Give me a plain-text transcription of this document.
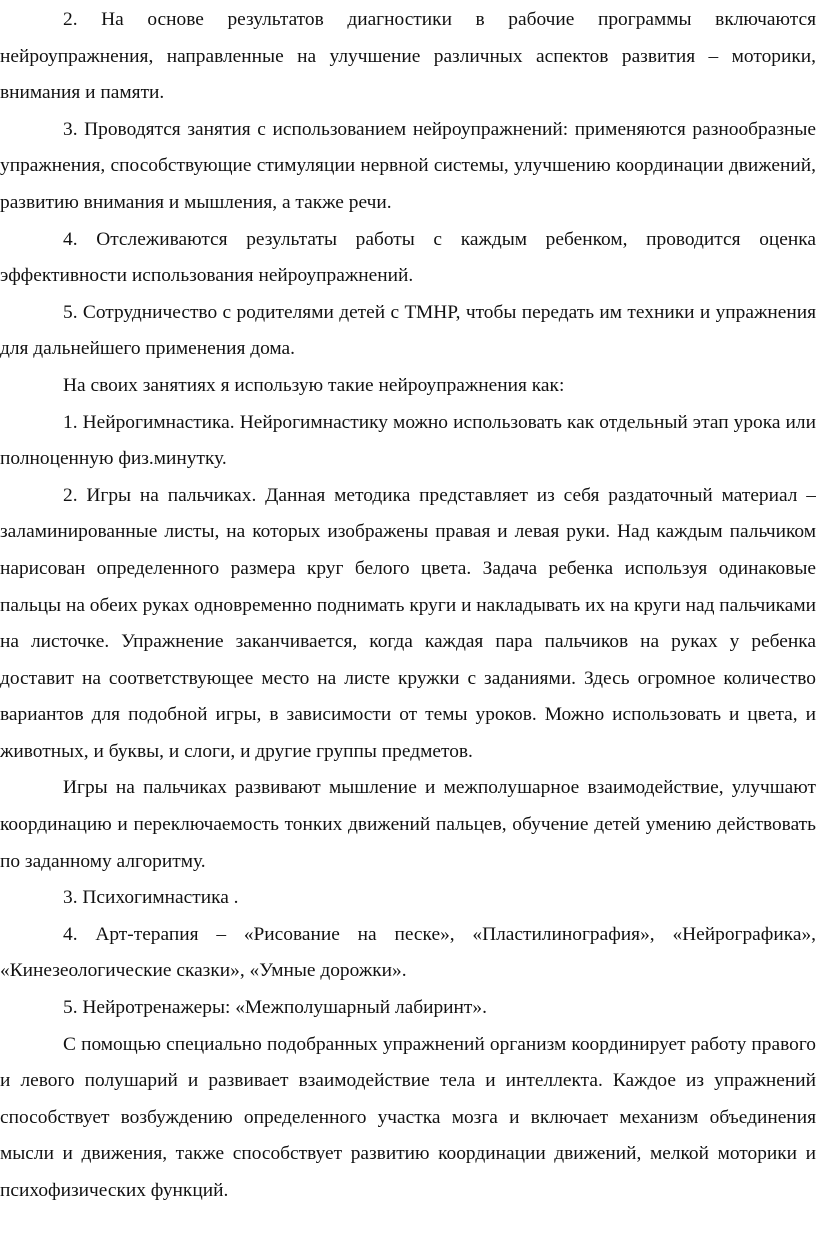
2. На основе результатов диагностики в рабочие программы включаются нейроупражнения, направленные на улучшение различных аспектов развития – моторики, внимания и памяти.

3. Проводятся занятия с использованием нейроупражнений: применяются разнообразные упражнения, способствующие стимуляции нервной системы, улучшению координации движений, развитию внимания и мышления, а также речи.

4. Отслеживаются результаты работы с каждым ребенком, проводится оценка эффективности использования нейроупражнений.

5. Сотрудничество с родителями детей с ТМНР, чтобы передать им техники и упражнения для дальнейшего применения дома.

На своих занятиях я использую такие нейроупражнения как:

1. Нейрогимнастика. Нейрогимнастику можно использовать как отдельный этап урока или полноценную физ.минутку.

2. Игры на пальчиках. Данная методика представляет из себя раздаточный материал – заламинированные листы, на которых изображены правая и левая руки. Над каждым пальчиком нарисован определенного размера круг белого цвета. Задача ребенка используя одинаковые пальцы на обеих руках одновременно поднимать круги и накладывать их на круги над пальчиками на листочке. Упражнение заканчивается, когда каждая пара пальчиков на руках у ребенка доставит на соответствующее место на листе кружки с заданиями. Здесь огромное количество вариантов для подобной игры, в зависимости от темы уроков. Можно использовать и цвета, и животных, и буквы, и слоги, и другие группы предметов.

Игры на пальчиках развивают мышление и межполушарное взаимодействие, улучшают координацию и переключаемость тонких движений пальцев, обучение детей умению действовать по заданному алгоритму.

3. Психогимнастика .

4. Арт-терапия – «Рисование на песке», «Пластилинография», «Нейрографика», «Кинезеологические сказки», «Умные дорожки».

5. Нейротренажеры: «Межполушарный лабиринт».

С помощью специально подобранных упражнений организм координирует работу правого и левого полушарий и развивает взаимодействие тела и интеллекта. Каждое из упражнений способствует возбуждению определенного участка мозга и включает механизм объединения мысли и движения, также способствует развитию координации движений, мелкой моторики и психофизических функций.
